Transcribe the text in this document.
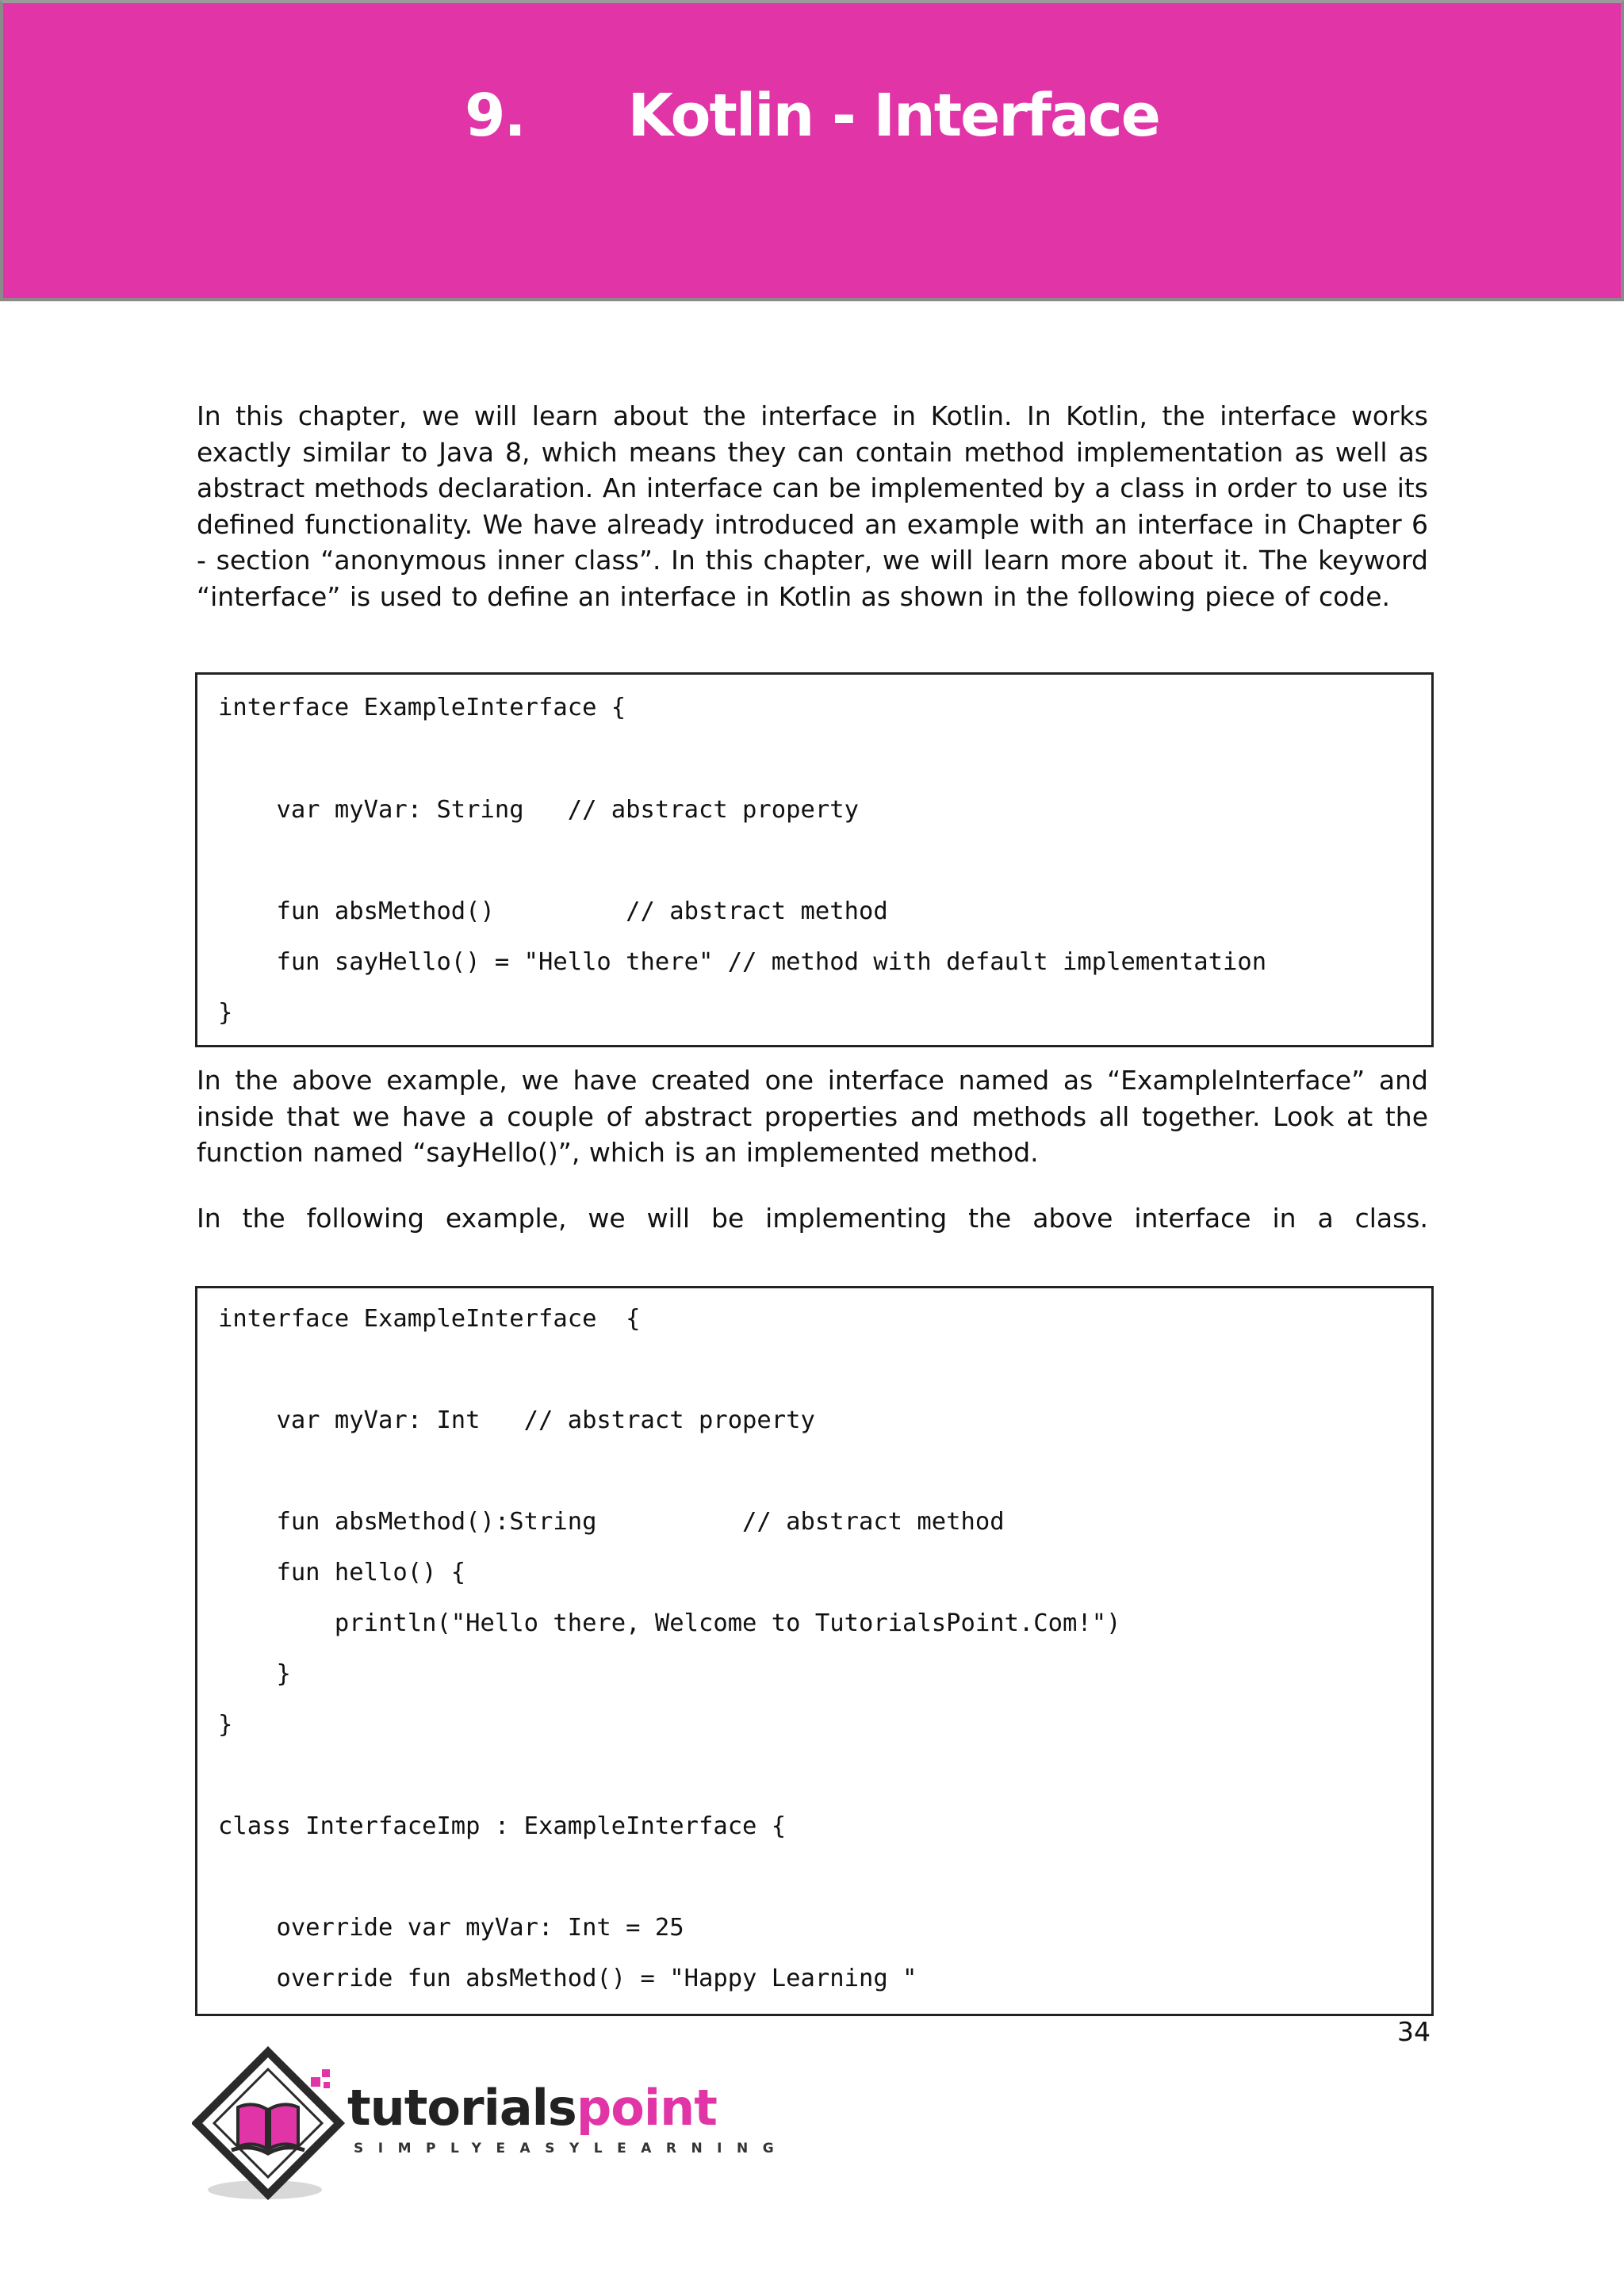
9. Kotlin - Interface

In this chapter, we will learn about the interface in Kotlin. In Kotlin, the interface works exactly similar to Java 8, which means they can contain method implementation as well as abstract methods declaration. An interface can be implemented by a class in order to use its defined functionality. We have already introduced an example with an interface in Chapter 6 - section “anonymous inner class”. In this chapter, we will learn more about it. The keyword “interface” is used to define an interface in Kotlin as shown in the following piece of code.

interface ExampleInterface {
var myVar: String   // abstract property
fun absMethod()         // abstract method
fun sayHello() = "Hello there" // method with default implementation
}

In the above example, we have created one interface named as “ExampleInterface” and inside that we have a couple of abstract properties and methods all together. Look at the function named “sayHello()”, which is an implemented method.

In the following example, we will be implementing the above interface in a class.

interface ExampleInterface  {
var myVar: Int   // abstract property
fun absMethod():String          // abstract method
fun hello() {
println("Hello there, Welcome to TutorialsPoint.Com!")
}
}
class InterfaceImp : ExampleInterface {
override var myVar: Int = 25
override fun absMethod() = "Happy Learning "
34
tutorialspoint
SIMPLYEASYLEARNING
